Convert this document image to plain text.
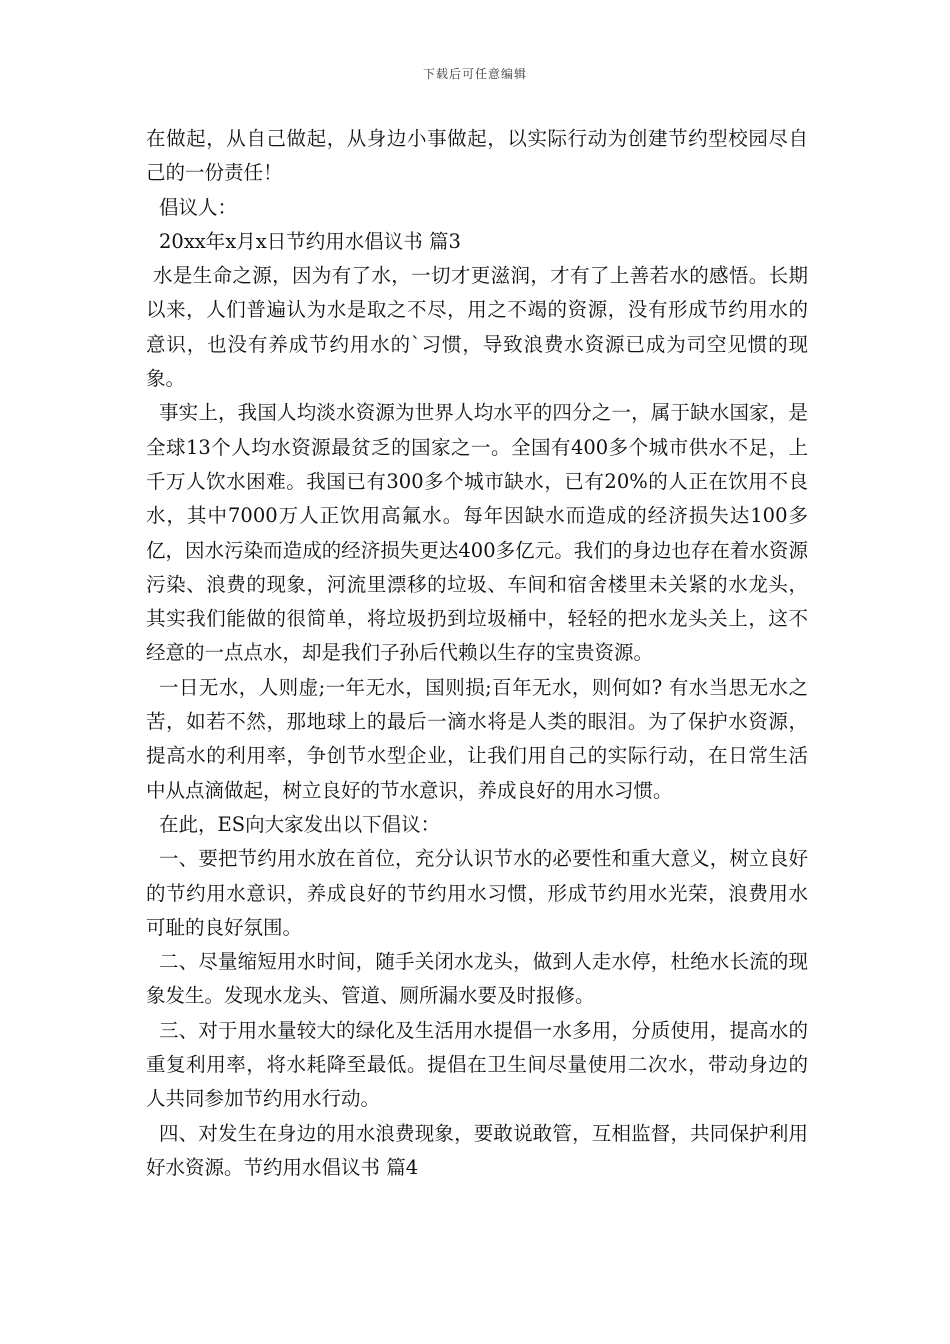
下载后可任意编辑

在做起，从自己做起，从身边小事做起，以实际行动为创建节约型校园尽自己的一份责任！

倡议人：

20xx年x月x日节约用水倡议书 篇3

水是生命之源，因为有了水，一切才更滋润，才有了上善若水的感悟。长期以来，人们普遍认为水是取之不尽，用之不竭的资源，没有形成节约用水的意识，也没有养成节约用水的`习惯，导致浪费水资源已成为司空见惯的现象。

事实上，我国人均淡水资源为世界人均水平的四分之一，属于缺水国家，是全球13个人均水资源最贫乏的国家之一。全国有400多个城市供水不足，上千万人饮水困难。我国已有300多个城市缺水，已有20%的人正在饮用不良水，其中7000万人正饮用高氟水。每年因缺水而造成的经济损失达100多亿，因水污染而造成的经济损失更达400多亿元。我们的身边也存在着水资源污染、浪费的现象，河流里漂移的垃圾、车间和宿舍楼里未关紧的水龙头，其实我们能做的很简单，将垃圾扔到垃圾桶中，轻轻的把水龙头关上，这不经意的一点点水，却是我们子孙后代赖以生存的宝贵资源。

一日无水，人则虚;一年无水，国则损;百年无水，则何如? 有水当思无水之苦，如若不然，那地球上的最后一滴水将是人类的眼泪。为了保护水资源，提高水的利用率，争创节水型企业，让我们用自己的实际行动，在日常生活中从点滴做起，树立良好的节水意识，养成良好的用水习惯。

在此，ES向大家发出以下倡议：

一、要把节约用水放在首位，充分认识节水的必要性和重大意义，树立良好的节约用水意识，养成良好的节约用水习惯，形成节约用水光荣，浪费用水可耻的良好氛围。

二、尽量缩短用水时间，随手关闭水龙头，做到人走水停，杜绝水长流的现象发生。发现水龙头、管道、厕所漏水要及时报修。

三、对于用水量较大的绿化及生活用水提倡一水多用，分质使用，提高水的重复利用率，将水耗降至最低。提倡在卫生间尽量使用二次水，带动身边的人共同参加节约用水行动。

四、对发生在身边的用水浪费现象，要敢说敢管，互相监督，共同保护利用好水资源。节约用水倡议书 篇4
